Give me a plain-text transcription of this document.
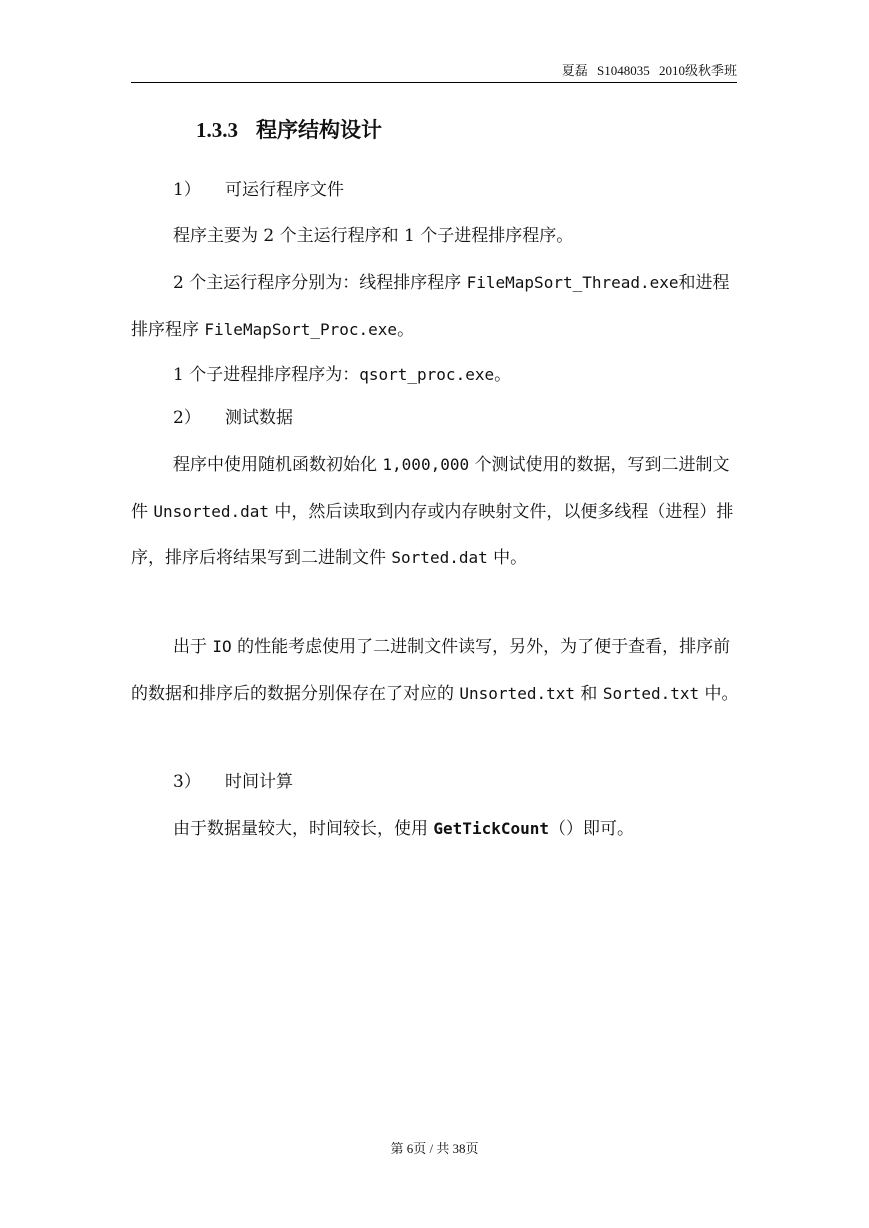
夏磊 S1048035 2010级秋季班
1.3.3 程序结构设计
1） 可运行程序文件
程序主要为 2 个主运行程序和 1 个子进程排序程序。
2 个主运行程序分别为：线程排序程序 FileMapSort_Thread.exe和进程排序程序 FileMapSort_Proc.exe。
1 个子进程排序程序为：qsort_proc.exe。
2） 测试数据
程序中使用随机函数初始化 1,000,000 个测试使用的数据，写到二进制文件 Unsorted.dat 中，然后读取到内存或内存映射文件，以便多线程（进程）排序，排序后将结果写到二进制文件 Sorted.dat 中。
出于 IO 的性能考虑使用了二进制文件读写，另外，为了便于查看，排序前的数据和排序后的数据分别保存在了对应的 Unsorted.txt 和 Sorted.txt 中。
3） 时间计算
由于数据量较大，时间较长，使用 GetTickCount（）即可。
第 6页 / 共 38页
